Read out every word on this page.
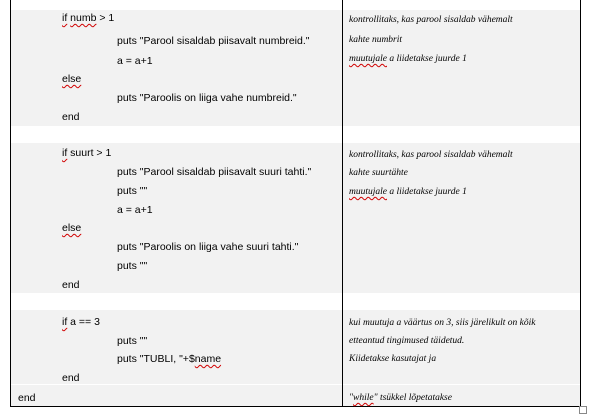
if numb > 1
puts "Parool sisaldab piisavalt numbreid."
a = a+1
else
puts "Paroolis on liiga vahe numbreid."
end
kontrollitaks, kas parool sisaldab vähemalt
kahte numbrit
muutujale a liidetakse juurde 1
if suurt > 1
puts "Parool sisaldab piisavalt suuri tahti."
puts ""
a = a+1
else
puts "Paroolis on liiga vahe suuri tahti."
puts ""
end
kontrollitaks, kas parool sisaldab vähemalt
kahte suurtähte
muutujale a liidetakse juurde 1
if a == 3
puts ""
puts "TUBLI, "+$name
end
kui muutuja a väärtus on 3, siis järelikult on kõik
etteantud tingimused täidetud.
Kiidetakse kasutajat ja
end	"while" tsükkel lõpetatakse
